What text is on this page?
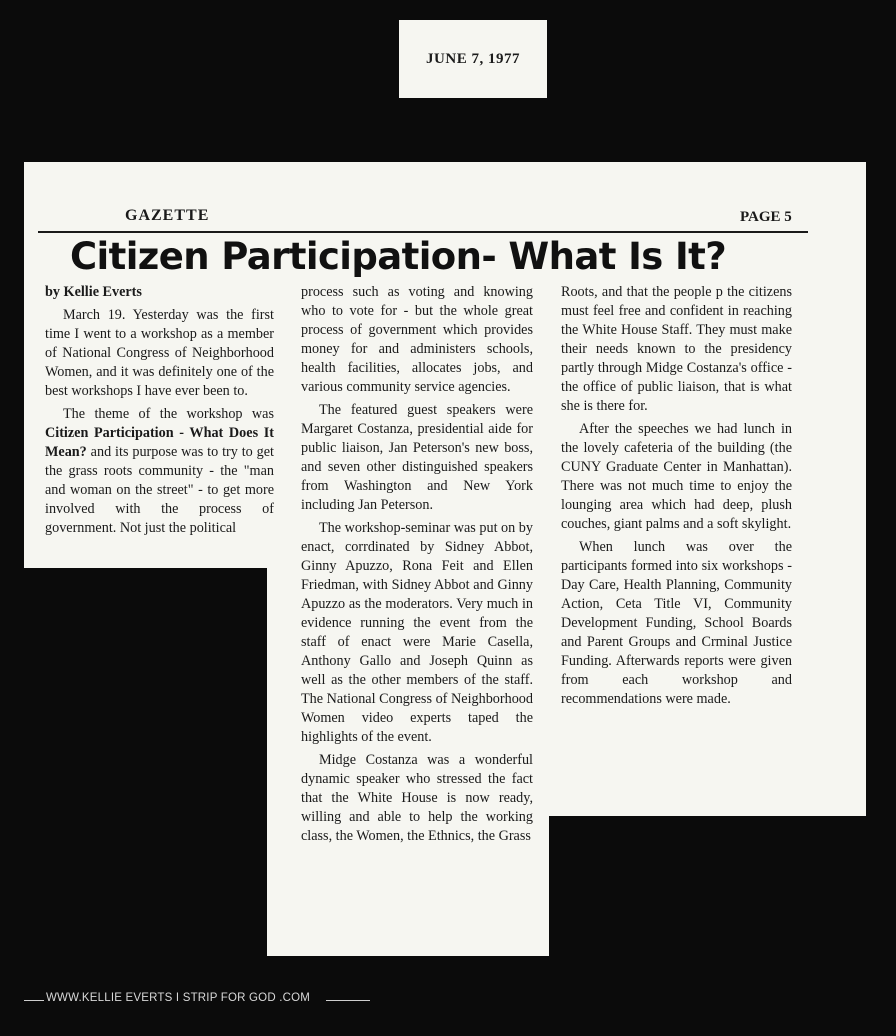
JUNE 7, 1977
GAZETTE	PAGE 5
Citizen Participation- What Is It?

by Kellie Everts

March 19. Yesterday was the first time I went to a workshop as a member of National Congress of Neighborhood Women, and it was definitely one of the best workshops I have ever been to.

The theme of the workshop was Citizen Participation - What Does It Mean? and its purpose was to try to get the grass roots community - the "man and woman on the street" - to get more involved with the process of government. Not just the political

process such as voting and knowing who to vote for - but the whole great process of government which provides money for and administers schools, health facilities, allocates jobs, and various community service agencies.

The featured guest speakers were Margaret Costanza, presidential aide for public liaison, Jan Peterson's new boss, and seven other distinguished speakers from Washington and New York including Jan Peterson.

The workshop-seminar was put on by enact, corrdinated by Sidney Abbot, Ginny Apuzzo, Rona Feit and Ellen Friedman, with Sidney Abbot and Ginny Apuzzo as the moderators. Very much in evidence running the event from the staff of enact were Marie Casella, Anthony Gallo and Joseph Quinn as well as the other members of the staff. The National Congress of Neighborhood Women video experts taped the highlights of the event.

Midge Costanza was a wonderful dynamic speaker who stressed the fact that the White House is now ready, willing and able to help the working class, the Women, the Ethnics, the Grass

Roots, and that the people p the citizens must feel free and confident in reaching the White House Staff. They must make their needs known to the presidency partly through Midge Costanza's office - the office of public liaison, that is what she is there for.

After the speeches we had lunch in the lovely cafeteria of the building (the CUNY Graduate Center in Manhattan). There was not much time to enjoy the lounging area which had deep, plush couches, giant palms and a soft skylight.

When lunch was over the participants formed into six workshops - Day Care, Health Planning, Community Action, Ceta Title VI, Community Development Funding, School Boards and Parent Groups and Crminal Justice Funding. Afterwards reports were given from each workshop and recommendations were made.

WWW.KELLIE EVERTS I STRIP FOR GOD .COM
